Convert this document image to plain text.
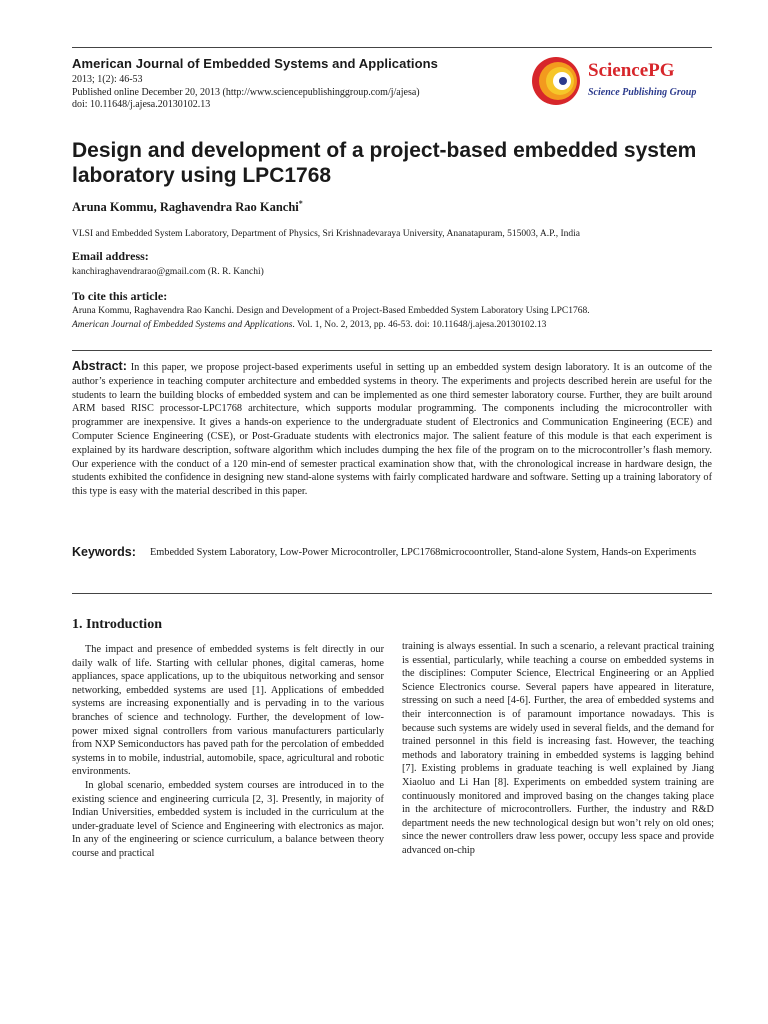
American Journal of Embedded Systems and Applications
2013; 1(2): 46-53
Published online December 20, 2013 (http://www.sciencepublishinggroup.com/j/ajesa)
doi: 10.11648/j.ajesa.20130102.13
SciencePG
Science Publishing Group
Design and development of a project-based embedded system laboratory using LPC1768
Aruna Kommu, Raghavendra Rao Kanchi*
VLSI and Embedded System Laboratory, Department of Physics, Sri Krishnadevaraya University, Ananatapuram, 515003, A.P., India
Email address:
kanchiraghavendrarao@gmail.com (R. R. Kanchi)
To cite this article:
Aruna Kommu, Raghavendra Rao Kanchi. Design and Development of a Project-Based Embedded System Laboratory Using LPC1768.
American Journal of Embedded Systems and Applications. Vol. 1, No. 2, 2013, pp. 46-53. doi: 10.11648/j.ajesa.20130102.13
Abstract: In this paper, we propose project-based experiments useful in setting up an embedded system design laboratory. It is an outcome of the author’s experience in teaching computer architecture and embedded systems in theory. The experiments and projects described herein are useful for the students to learn the building blocks of embedded system and can be implemented as one third semester laboratory course. Further, they are built around ARM based RISC processor-LPC1768 architecture, which supports modular programming. The components including the microcontroller with programmer are inexpensive. It gives a hands-on experience to the undergraduate student of Electronics and Communication Engineering (ECE) and Computer Science Engineering (CSE), or Post-Graduate students with electronics major. The salient feature of this module is that each experiment is explained by its hardware description, software algorithm which includes dumping the hex file of the program on to the microcontroller’s flash memory. Our experience with the conduct of a 120 min-end of semester practical examination show that, with the chronological increase in hardware design, the students exhibited the confidence in designing new stand-alone systems with fairly complicated hardware and software. Setting up a training laboratory of this type is easy with the material described in this paper.
Keywords: Embedded System Laboratory, Low-Power Microcontroller, LPC1768microcoontroller, Stand-alone System, Hands-on Experiments
1. Introduction

The impact and presence of embedded systems is felt directly in our daily walk of life. Starting with cellular phones, digital cameras, home appliances, space applications, up to the ubiquitous networking and sensor networking, embedded systems are used [1]. Applications of embedded systems are increasing exponentially and is pervading in to the various branches of science and technology. Further, the development of low-power mixed signal controllers from various manufacturers particularly from NXP Semiconductors has paved path for the percolation of embedded systems in to mobile, industrial, automobile, space, agricultural and robotic environments.

In global scenario, embedded system courses are introduced in to the existing science and engineering curricula [2, 3]. Presently, in majority of Indian Universities, embedded system is included in the curriculum at the under-graduate level of Science and Engineering with electronics as major. In any of the engineering or science curriculum, a balance between theory course and practical

training is always essential. In such a scenario, a relevant practical training is essential, particularly, while teaching a course on embedded systems in the disciplines: Computer Science, Electrical Engineering or an Applied Science Electronics course. Several papers have appeared in literature, stressing on such a need [4-6]. Further, the area of embedded systems and their interconnection is of paramount importance nowadays. This is because such systems are widely used in several fields, and the demand for trained personnel in this field is increasing fast. However, the teaching methods and laboratory training in embedded systems is lagging behind [7]. Existing problems in graduate teaching is well explained by Jiang Xiaoluo and Li Han [8]. Experiments on embedded system training are continuously monitored and improved basing on the changes taking place in the architecture of microcontrollers. Further, the industry and R&D department needs the new technological design but won’t rely on old ones; since the newer controllers draw less power, occupy less space and provide advanced on-chip
